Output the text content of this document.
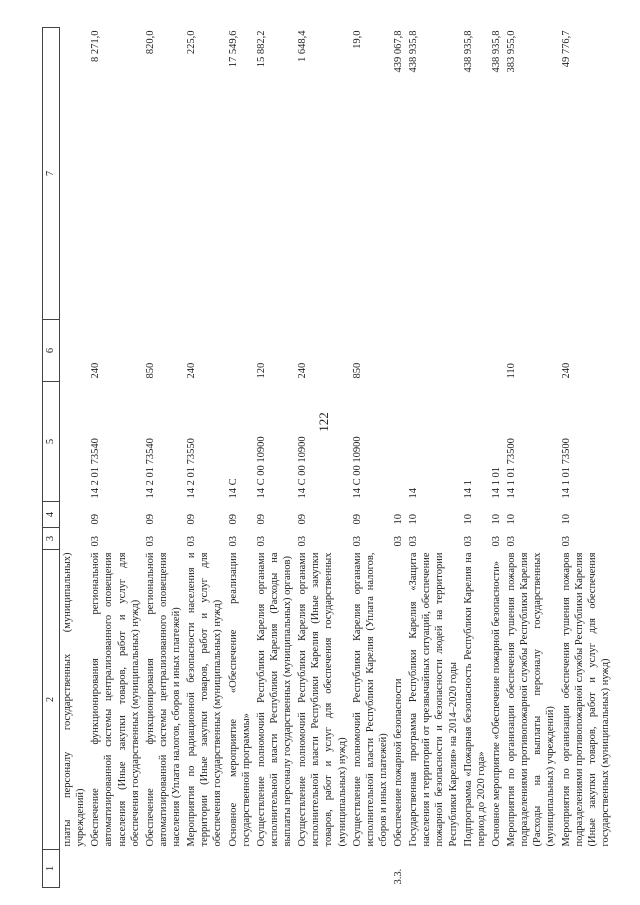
122
1	2	3	4	5	6	7
	платы персоналу государственных (муниципальных) учреждений)					
	Обеспечение функционирования региональной автоматизированной системы централизованного оповещения населения (Иные закупки товаров, работ и услуг для обеспечения государственных (муниципальных) нужд)	03	09	14 2 01 73540	240	8 271,0
	Обеспечение функционирования региональной автоматизированной системы централизованного оповещения населения (Уплата налогов, сборов и иных платежей)	03	09	14 2 01 73540	850	820,0
	Мероприятия по радиационной безопасности населения и территории (Иные закупки товаров, работ и услуг для обеспечения государственных (муниципальных) нужд)	03	09	14 2 01 73550	240	225,0
	Основное мероприятие «Обеспечение реализации государственной программы»	03	09	14 С		17 549,6
	Осуществление полномочий Республики Карелия органами исполнительной власти Республики Карелия (Расходы на выплаты персоналу государственных (муниципальных) органов)	03	09	14 С 00 10900	120	15 882,2
	Осуществление полномочий Республики Карелия органами исполнительной власти Республики Карелия (Иные закупки товаров, работ и услуг для обеспечения государственных (муниципальных) нужд)	03	09	14 С 00 10900	240	1 648,4
	Осуществление полномочий Республики Карелия органами исполнительной власти Республики Карелия (Уплата налогов, сборов и иных платежей)	03	09	14 С 00 10900	850	19,0
3.3.	Обеспечение пожарной безопасности	03	10			439 067,8
	Государственная программа Республики Карелия «Защита населения и территорий от чрезвычайных ситуаций, обеспечение пожарной безопасности и безопасности людей на территории Республики Карелия» на 2014–2020 годы	03	10	14		438 935,8
	Подпрограмма «Пожарная безопасность Республики Карелия на период до 2020 года»	03	10	14 1		438 935,8
	Основное мероприятие «Обеспечение пожарной безопасности»	03	10	14 1 01		438 935,8
	Мероприятия по организации обеспечения тушения пожаров подразделениями противопожарной службы Республики Карелия (Расходы на выплаты персоналу государственных (муниципальных) учреждений)	03	10	14 1 01 73500	110	383 955,0
	Мероприятия по организации обеспечения тушения пожаров подразделениями противопожарной службы Республики Карелия (Иные закупки товаров, работ и услуг для обеспечения государственных (муниципальных) нужд)	03	10	14 1 01 73500	240	49 776,7
